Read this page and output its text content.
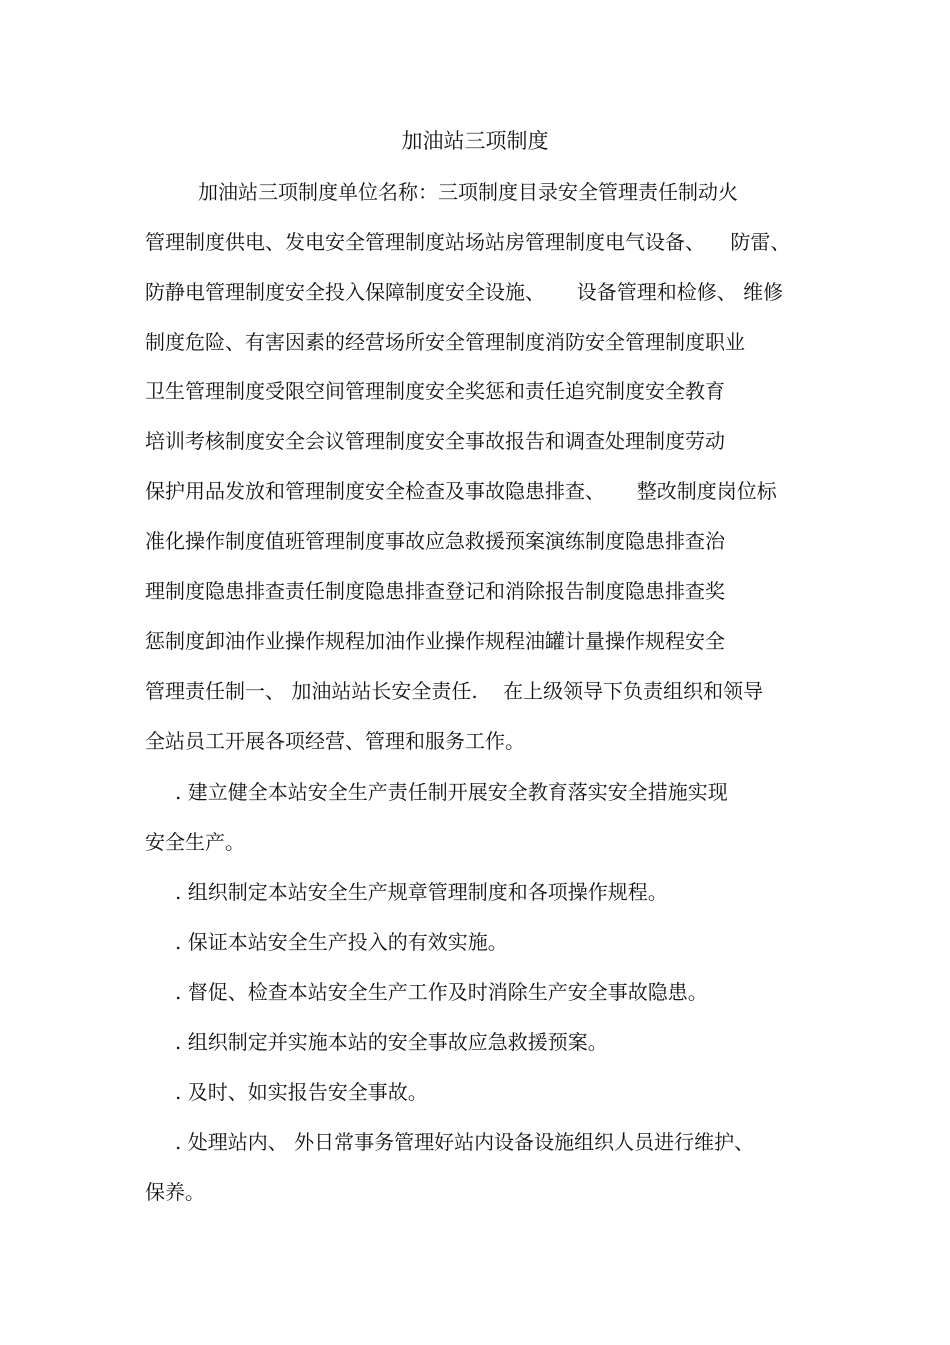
加油站三项制度
加油站三项制度单位名称：三项制度目录安全管理责任制动火
管理制度供电、发电安全管理制度站场站房管理制度电气设备、    防雷、
防静电管理制度安全投入保障制度安全设施、     设备管理和检修、 维修
制度危险、有害因素的经营场所安全管理制度消防安全管理制度职业
卫生管理制度受限空间管理制度安全奖惩和责任追究制度安全教育
培训考核制度安全会议管理制度安全事故报告和调查处理制度劳动
保护用品发放和管理制度安全检查及事故隐患排查、     整改制度岗位标
准化操作制度值班管理制度事故应急救援预案演练制度隐患排查治
理制度隐患排查责任制度隐患排查登记和消除报告制度隐患排查奖
惩制度卸油作业操作规程加油作业操作规程油罐计量操作规程安全
管理责任制一、 加油站站长安全责任.    在上级领导下负责组织和领导
全站员工开展各项经营、管理和服务工作。
. 建立健全本站安全生产责任制开展安全教育落实安全措施实现
安全生产。
. 组织制定本站安全生产规章管理制度和各项操作规程。
. 保证本站安全生产投入的有效实施。
. 督促、检查本站安全生产工作及时消除生产安全事故隐患。
. 组织制定并实施本站的安全事故应急救援预案。
. 及时、如实报告安全事故。
. 处理站内、 外日常事务管理好站内设备设施组织人员进行维护、
保养。
